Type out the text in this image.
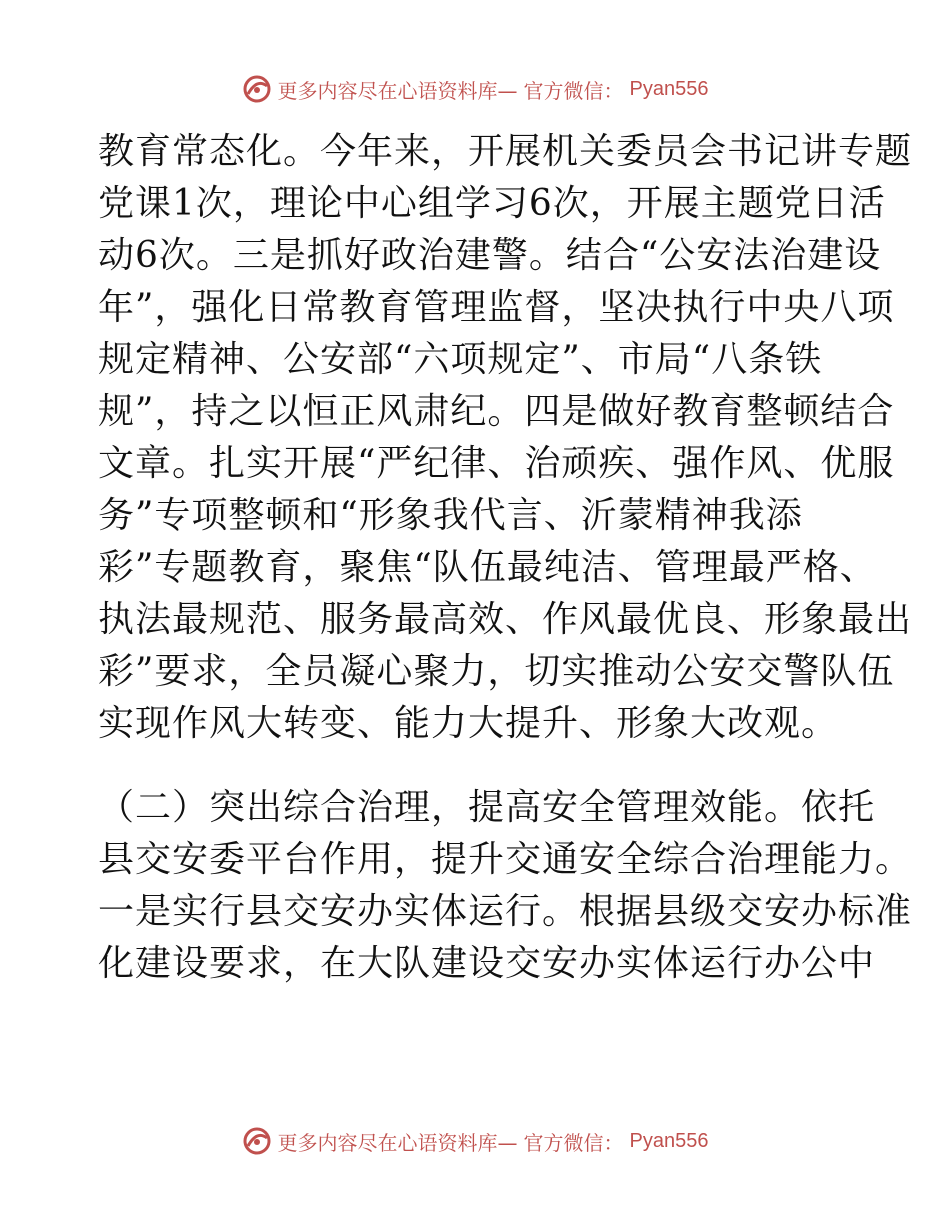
更多内容尽在心语资料库— 官方微信： Pyan556
教育常态化。今年来，开展机关委员会书记讲专题
党课1次，理论中心组学习6次，开展主题党日活
动6次。三是抓好政治建警。结合“公安法治建设
年”，强化日常教育管理监督，坚决执行中央八项
规定精神、公安部“六项规定”、市局“八条铁
规”，持之以恒正风肃纪。四是做好教育整顿结合
文章。扎实开展“严纪律、治顽疾、强作风、优服
务”专项整顿和“形象我代言、沂蒙精神我添
彩”专题教育，聚焦“队伍最纯洁、管理最严格、
执法最规范、服务最高效、作风最优良、形象最出
彩”要求，全员凝心聚力，切实推动公安交警队伍
实现作风大转变、能力大提升、形象大改观。
（二）突出综合治理，提高安全管理效能。依托
县交安委平台作用，提升交通安全综合治理能力。
一是实行县交安办实体运行。根据县级交安办标准
化建设要求，在大队建设交安办实体运行办公中
更多内容尽在心语资料库— 官方微信： Pyan556
